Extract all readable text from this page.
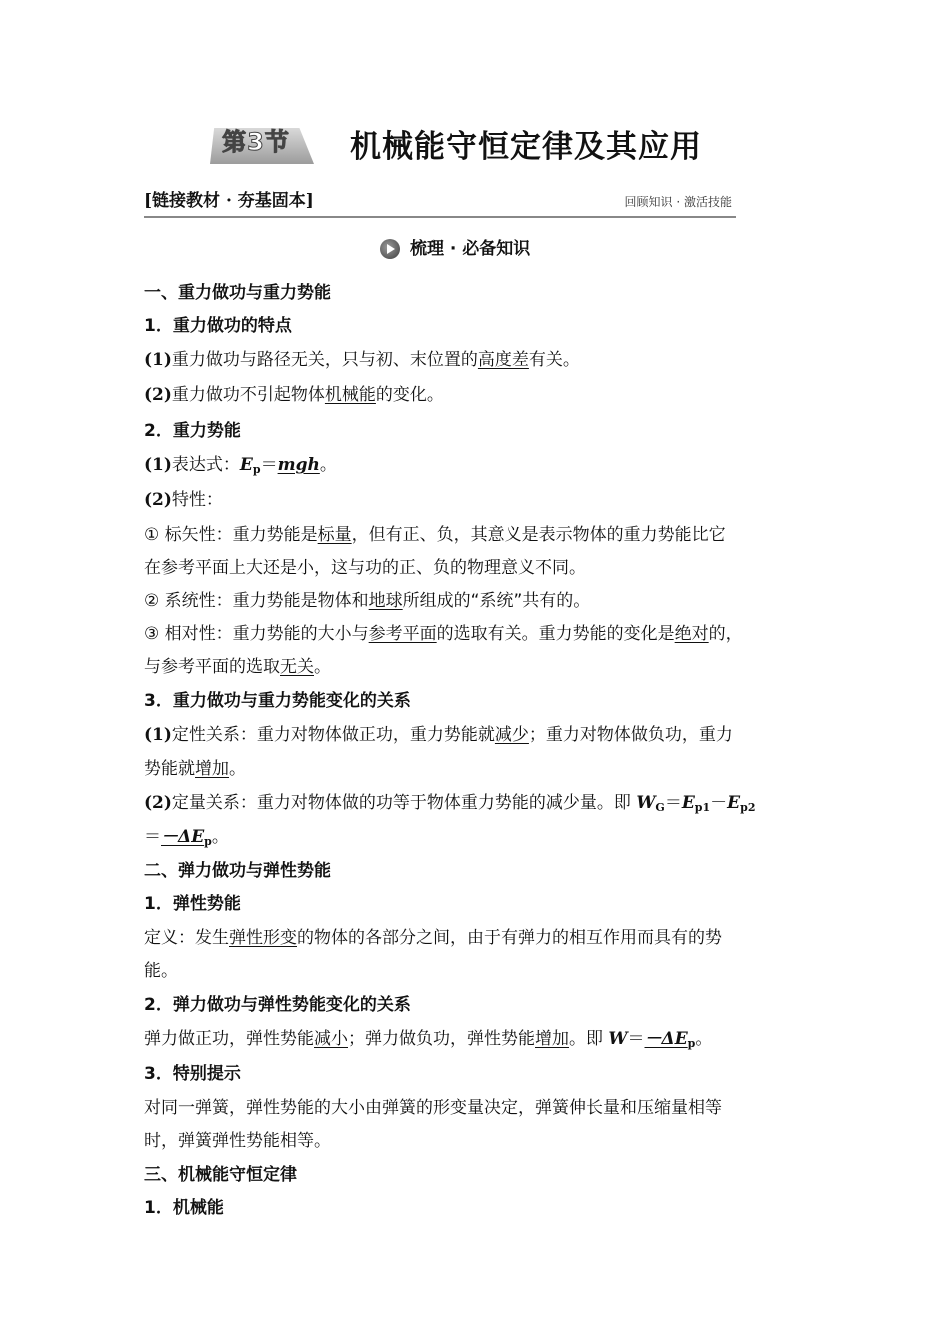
第3节	机械能守恒定律及其应用
[链接教材 · 夯基固本]	回顾知识 · 激活技能
梳理 · 必备知识
一、重力做功与重力势能
1．重力做功的特点
(1)重力做功与路径无关，只与初、末位置的高度差有关。
(2)重力做功不引起物体机械能的变化。
2．重力势能
(1)表达式：$E_p=mgh$。
(2)特性：
① 标矢性：重力势能是标量，但有正、负，其意义是表示物体的重力势能比它
在参考平面上大还是小，这与功的正、负的物理意义不同。
② 系统性：重力势能是物体和地球所组成的“系统”共有的。
③ 相对性：重力势能的大小与参考平面的选取有关。重力势能的变化是绝对的，
与参考平面的选取无关。
3．重力做功与重力势能变化的关系
(1)定性关系：重力对物体做正功，重力势能就减少；重力对物体做负功，重力
势能就增加。
(2)定量关系：重力对物体做的功等于物体重力势能的减少量。即 $W_G=E_{p1}-E_{p2}$
$=-\Delta E_p$。
二、弹力做功与弹性势能
1．弹性势能
定义：发生弹性形变的物体的各部分之间，由于有弹力的相互作用而具有的势
能。
2．弹力做功与弹性势能变化的关系
弹力做正功，弹性势能减小；弹力做负功，弹性势能增加。即 $W=-\Delta E_p$。
3．特别提示
对同一弹簧，弹性势能的大小由弹簧的形变量决定，弹簧伸长量和压缩量相等
时，弹簧弹性势能相等。
三、机械能守恒定律
1．机械能
